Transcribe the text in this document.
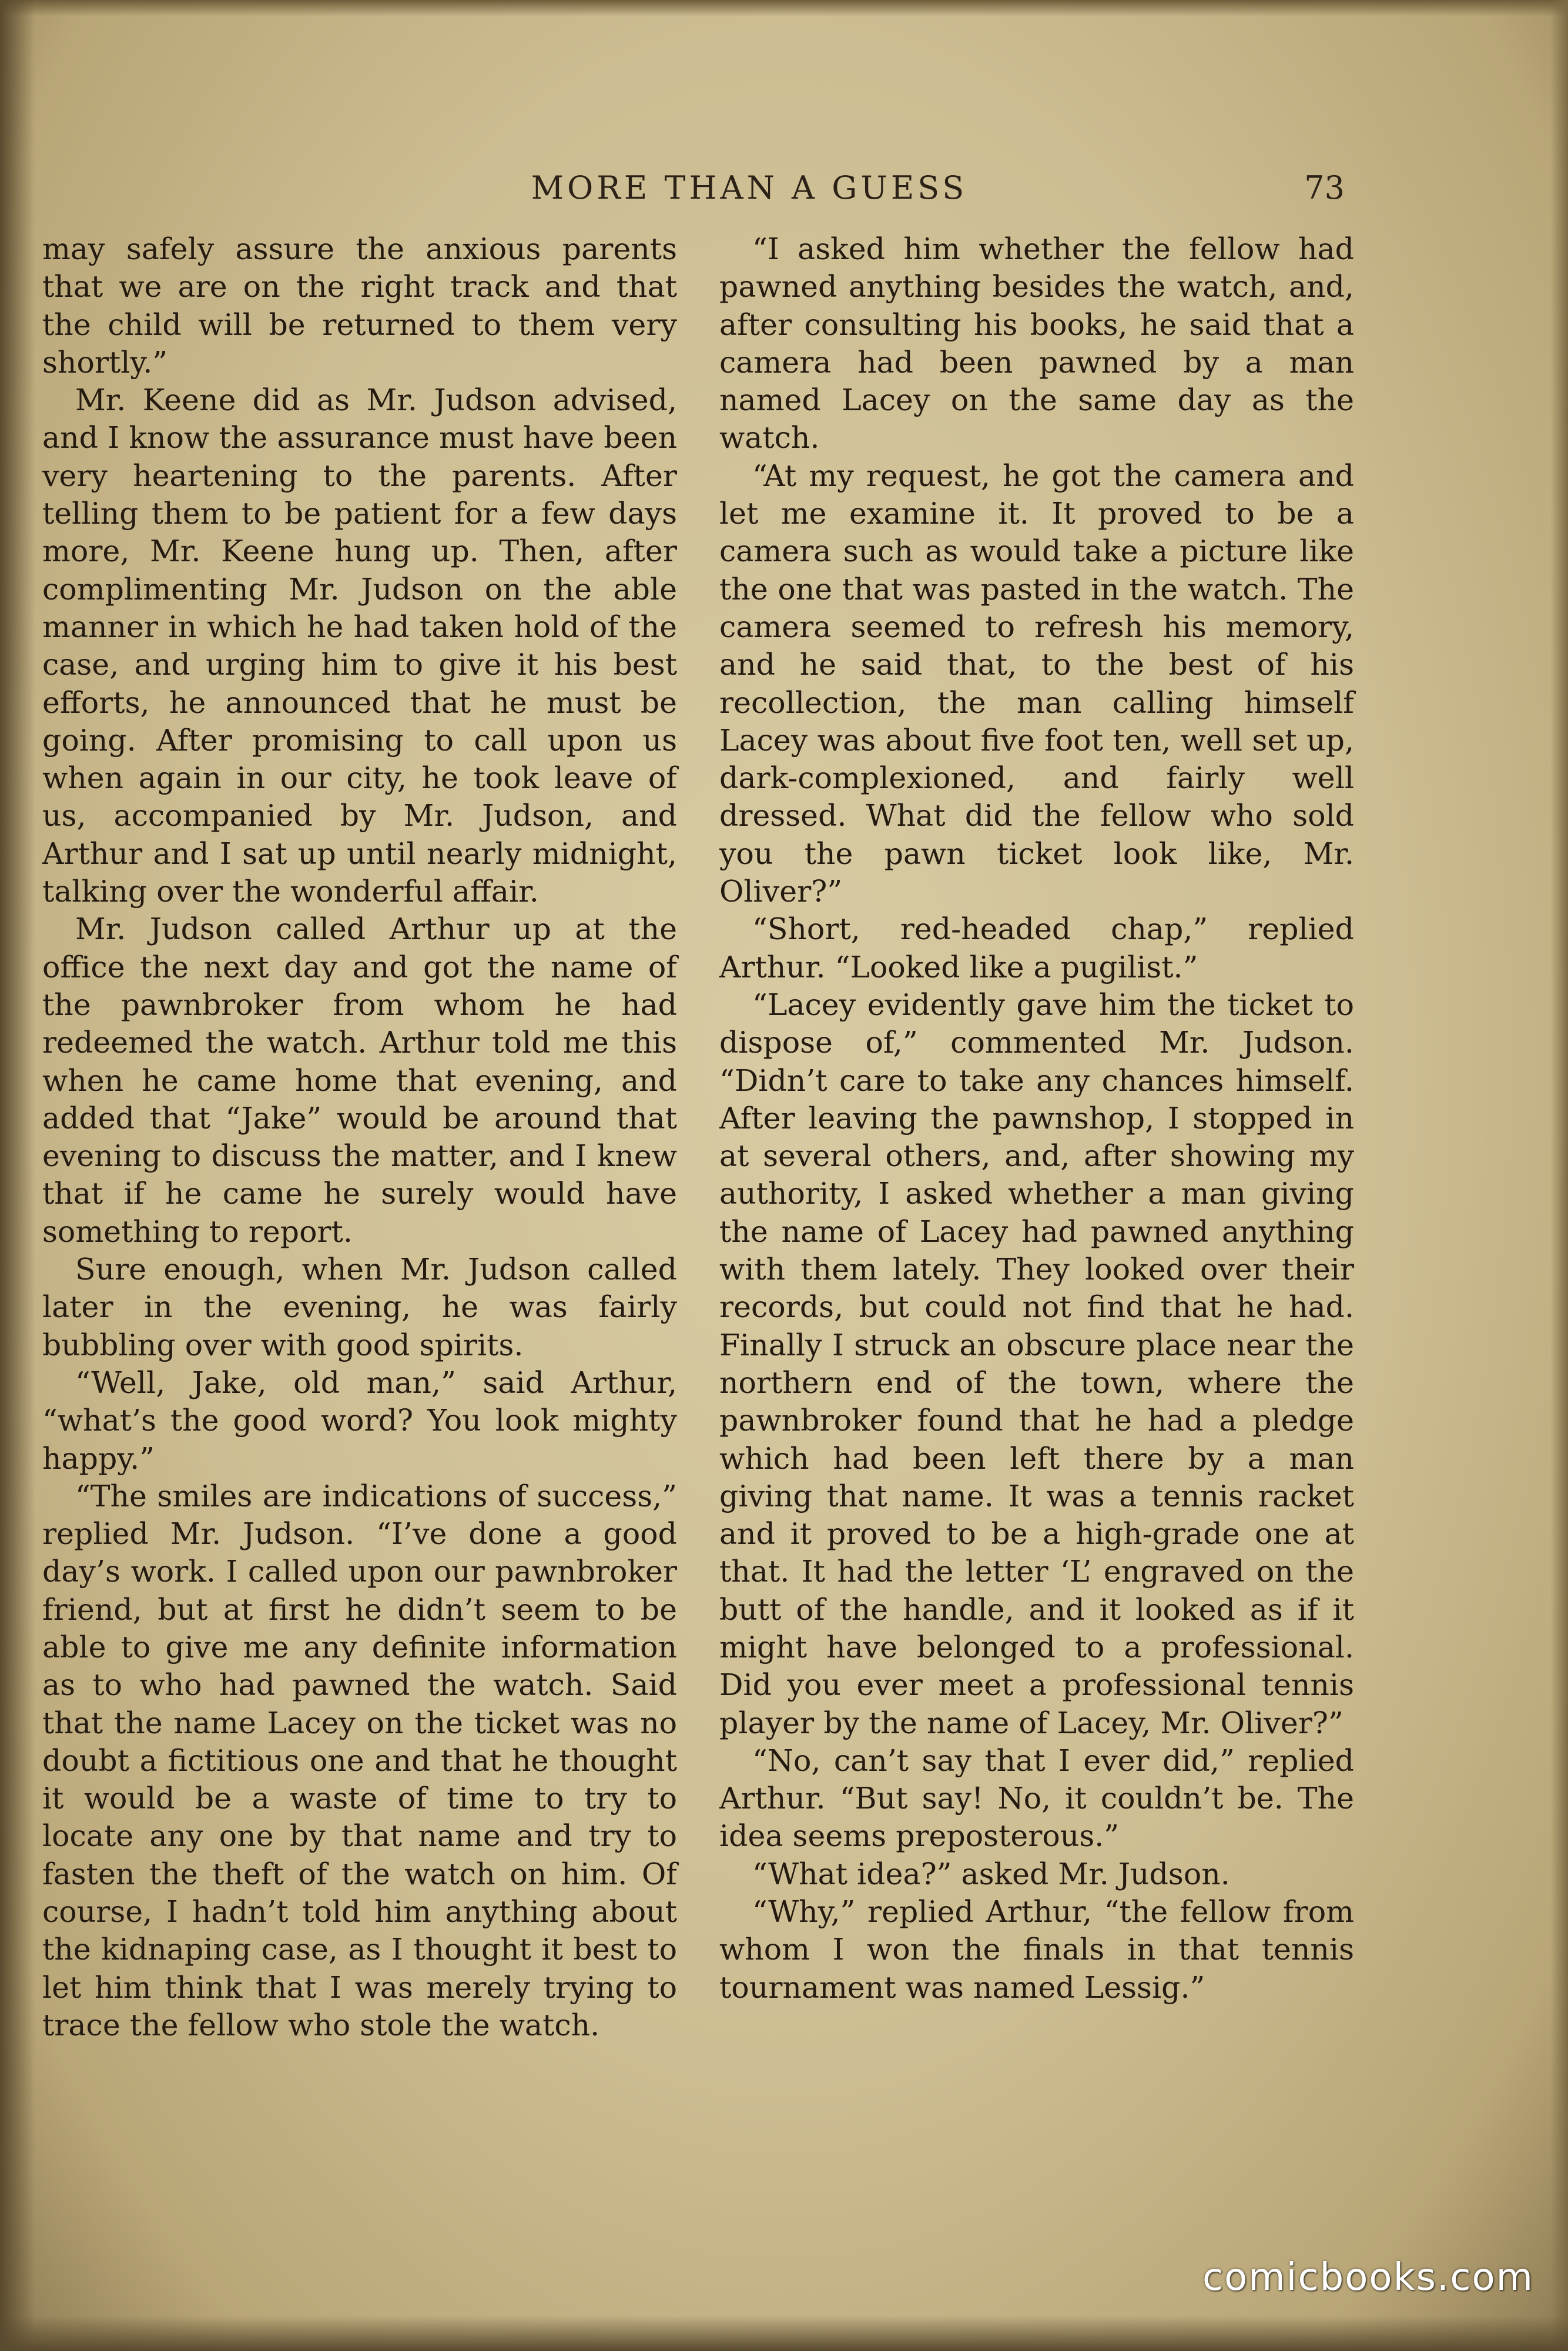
MORE THAN A GUESS	73

may safely assure the anxious parents that we are on the right track and that the child will be returned to them very shortly.”

Mr. Keene did as Mr. Judson advised, and I know the assurance must have been very heartening to the parents. After telling them to be patient for a few days more, Mr. Keene hung up. Then, after complimenting Mr. Judson on the able manner in which he had taken hold of the case, and urging him to give it his best efforts, he announced that he must be going. After promising to call upon us when again in our city, he took leave of us, accompanied by Mr. Judson, and Arthur and I sat up until nearly midnight, talking over the wonderful affair.

Mr. Judson called Arthur up at the office the next day and got the name of the pawnbroker from whom he had redeemed the watch. Arthur told me this when he came home that evening, and added that “Jake” would be around that evening to discuss the matter, and I knew that if he came he surely would have something to report.

Sure enough, when Mr. Judson called later in the evening, he was fairly bubbling over with good spirits.

“Well, Jake, old man,” said Arthur, “what’s the good word? You look mighty happy.”

“The smiles are indications of success,” replied Mr. Judson. “I’ve done a good day’s work. I called upon our pawnbroker friend, but at first he didn’t seem to be able to give me any definite information as to who had pawned the watch. Said that the name Lacey on the ticket was no doubt a fictitious one and that he thought it would be a waste of time to try to locate any one by that name and try to fasten the theft of the watch on him. Of course, I hadn’t told him anything about the kidnaping case, as I thought it best to let him think that I was merely trying to trace the fellow who stole the watch.

“I asked him whether the fellow had pawned anything besides the watch, and, after consulting his books, he said that a camera had been pawned by a man named Lacey on the same day as the watch.

“At my request, he got the camera and let me examine it. It proved to be a camera such as would take a picture like the one that was pasted in the watch. The camera seemed to refresh his memory, and he said that, to the best of his recollection, the man calling himself Lacey was about five foot ten, well set up, dark-complexioned, and fairly well dressed. What did the fellow who sold you the pawn ticket look like, Mr. Oliver?”

“Short, red-headed chap,” replied Arthur. “Looked like a pugilist.”

“Lacey evidently gave him the ticket to dispose of,” commented Mr. Judson. “Didn’t care to take any chances himself. After leaving the pawnshop, I stopped in at several others, and, after showing my authority, I asked whether a man giving the name of Lacey had pawned anything with them lately. They looked over their records, but could not find that he had. Finally I struck an obscure place near the northern end of the town, where the pawnbroker found that he had a pledge which had been left there by a man giving that name. It was a tennis racket and it proved to be a high-grade one at that. It had the letter ‘L’ engraved on the butt of the handle, and it looked as if it might have belonged to a professional. Did you ever meet a professional tennis player by the name of Lacey, Mr. Oliver?”

“No, can’t say that I ever did,” replied Arthur. “But say! No, it couldn’t be. The idea seems preposterous.”

“What idea?” asked Mr. Judson.

“Why,” replied Arthur, “the fellow from whom I won the finals in that tennis tournament was named Lessig.”

comicbooks.com
